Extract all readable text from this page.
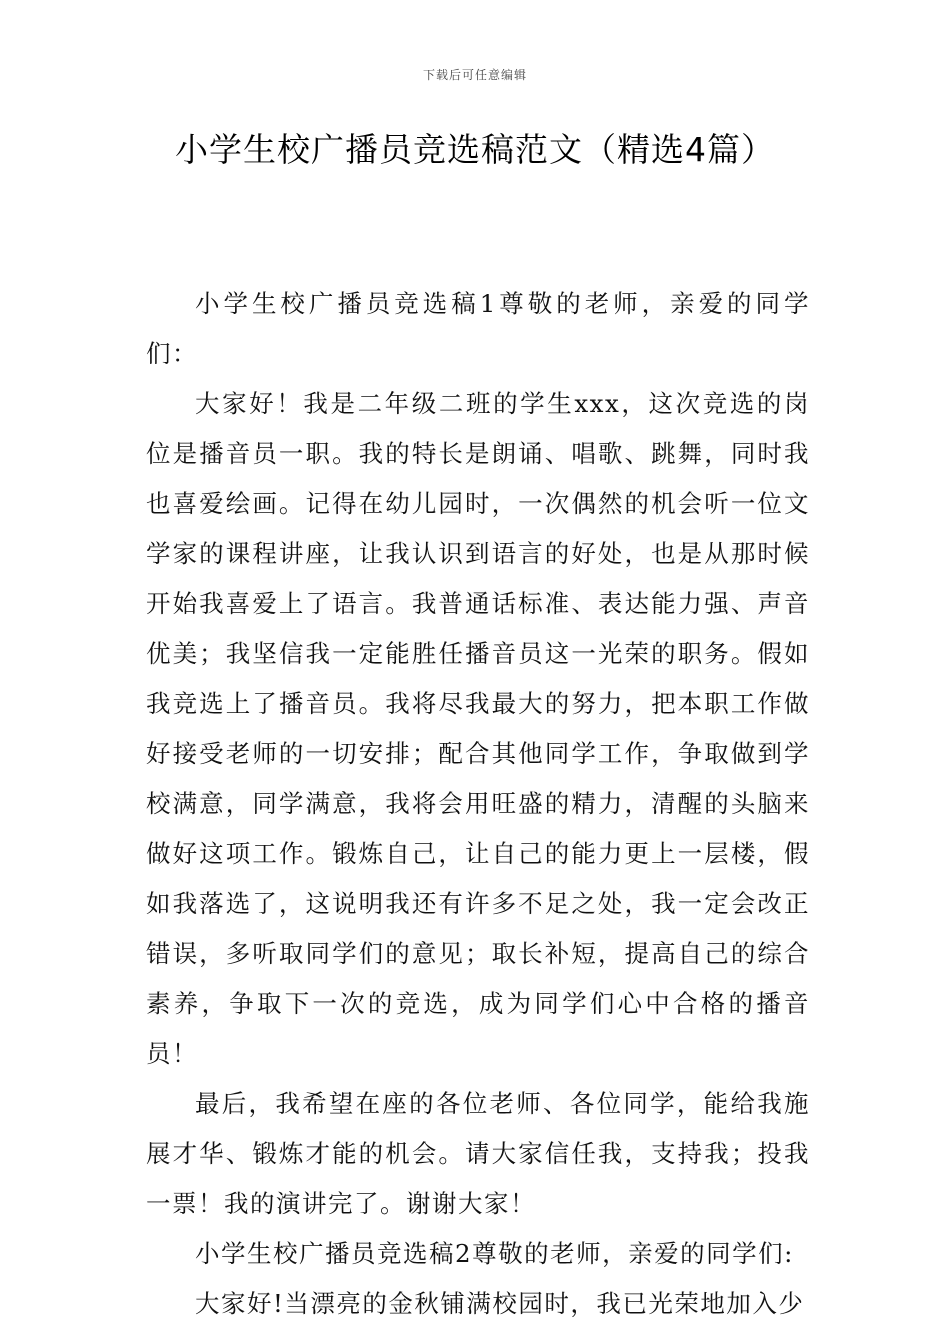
下载后可任意编辑
小学生校广播员竞选稿范文（精选4篇）

小学生校广播员竞选稿1尊敬的老师，亲爱的同学们：

大家好！我是二年级二班的学生xxx，这次竞选的岗位是播音员一职。我的特长是朗诵、唱歌、跳舞，同时我也喜爱绘画。记得在幼儿园时，一次偶然的机会听一位文学家的课程讲座，让我认识到语言的好处，也是从那时候开始我喜爱上了语言。我普通话标准、表达能力强、声音优美；我坚信我一定能胜任播音员这一光荣的职务。假如我竞选上了播音员。我将尽我最大的努力，把本职工作做好接受老师的一切安排；配合其他同学工作，争取做到学校满意，同学满意，我将会用旺盛的精力，清醒的头脑来做好这项工作。锻炼自己，让自己的能力更上一层楼，假如我落选了，这说明我还有许多不足之处，我一定会改正错误，多听取同学们的意见；取长补短，提高自己的综合素养，争取下一次的竞选，成为同学们心中合格的播音员！

最后，我希望在座的各位老师、各位同学，能给我施展才华、锻炼才能的机会。请大家信任我，支持我；投我一票！我的演讲完了。谢谢大家！

小学生校广播员竞选稿2尊敬的老师，亲爱的同学们:

大家好!当漂亮的金秋铺满校园时，我已光荣地加入少
